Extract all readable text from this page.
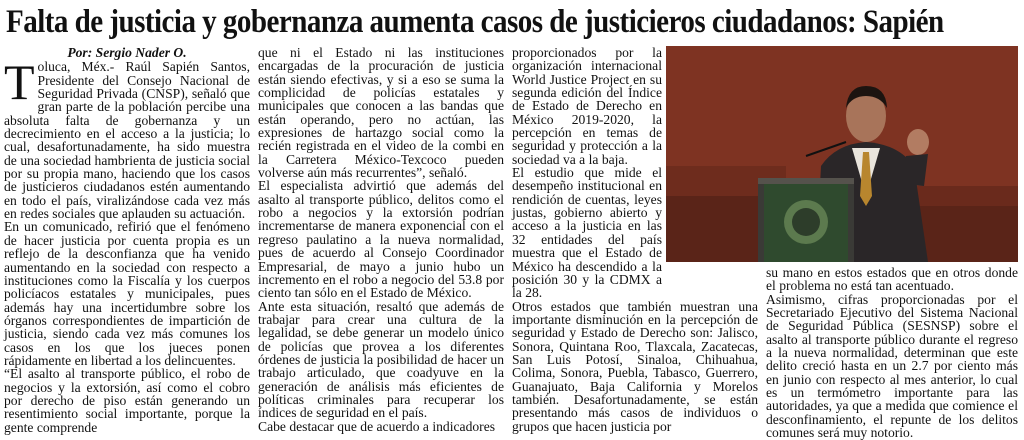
Falta de justicia y gobernanza aumenta casos de justicieros ciudadanos: Sapién
Por: Sergio Nader O.

Toluca, Méx.- Raúl Sapién Santos, Presidente del Consejo Nacional de Seguridad Privada (CNSP), señaló que gran parte de la población percibe una absoluta falta de gobernanza y un decrecimiento en el acceso a la justicia; lo cual, desafortunadamente, ha sido muestra de una sociedad hambrienta de justicia social por su propia mano, haciendo que los casos de justicieros ciudadanos estén aumentando en todo el país, viralizándose cada vez más en redes sociales que aplauden su actuación.

En un comunicado, refirió que el fenómeno de hacer justicia por cuenta propia es un reflejo de la desconfianza que ha venido aumentando en la sociedad con respecto a instituciones como la Fiscalía y los cuerpos policíacos estatales y municipales, pues además hay una incertidumbre sobre los órganos correspondientes de impartición de justicia, siendo cada vez más comunes los casos en los que los jueces ponen rápidamente en libertad a los delincuentes.

“El asalto al transporte público, el robo de negocios y la extorsión, así como el cobro por derecho de piso están generando un resentimiento social importante, porque la gente comprende

que ni el Estado ni las instituciones encargadas de la procuración de justicia están siendo efectivas, y si a eso se suma la complicidad de policías estatales y municipales que conocen a las bandas que están operando, pero no actúan, las expresiones de hartazgo social como la recién registrada en el video de la combi en la Carretera México-Texcoco pueden volverse aún más recurrentes”, señaló.

El especialista advirtió que además del asalto al transporte público, delitos como el robo a negocios y la extorsión podrían incrementarse de manera exponencial con el regreso paulatino a la nueva normalidad, pues de acuerdo al Consejo Coordinador Empresarial, de mayo a junio hubo un incremento en el robo a negocio del 53.8 por ciento tan sólo en el Estado de México.

Ante esta situación, resaltó que además de trabajar para crear una cultura de la legalidad, se debe generar un modelo único de policías que provea a los diferentes órdenes de justicia la posibilidad de hacer un trabajo articulado, que coadyuve en la generación de análisis más eficientes de políticas criminales para recuperar los índices de seguridad en el país.

Cabe destacar que de acuerdo a indicadores

proporcionados por la organización internacional World Justice Project en su segunda edición del Índice de Estado de Derecho en México 2019-2020, la percepción en temas de seguridad y protección a la sociedad va a la baja.

El estudio que mide el desempeño institucional en rendición de cuentas, leyes justas, gobierno abierto y acceso a la justicia en las 32 entidades del país muestra que el Estado de México ha descendido a la posición 30 y la CDMX a la 28.

Otros estados que también muestran una importante disminución en la percepción de seguridad y Estado de Derecho son: Jalisco, Sonora, Quintana Roo, Tlaxcala, Zacatecas, San Luis Potosí, Sinaloa, Chihuahua, Colima, Sonora, Puebla, Tabasco, Guerrero, Guanajuato, Baja California y Morelos también. Desafortunadamente, se están presentando más casos de individuos o grupos que hacen justicia por

su mano en estos estados que en otros donde el problema no está tan acentuado.

Asimismo, cifras proporcionadas por el Secretariado Ejecutivo del Sistema Nacional de Seguridad Pública (SESNSP) sobre el asalto al transporte público durante el regreso a la nueva normalidad, determinan que este delito creció hasta en un 2.7 por ciento más en junio con respecto al mes anterior, lo cual es un termómetro importante para las autoridades, ya que a medida que comience el desconfinamiento, el repunte de los delitos comunes será muy notorio.
